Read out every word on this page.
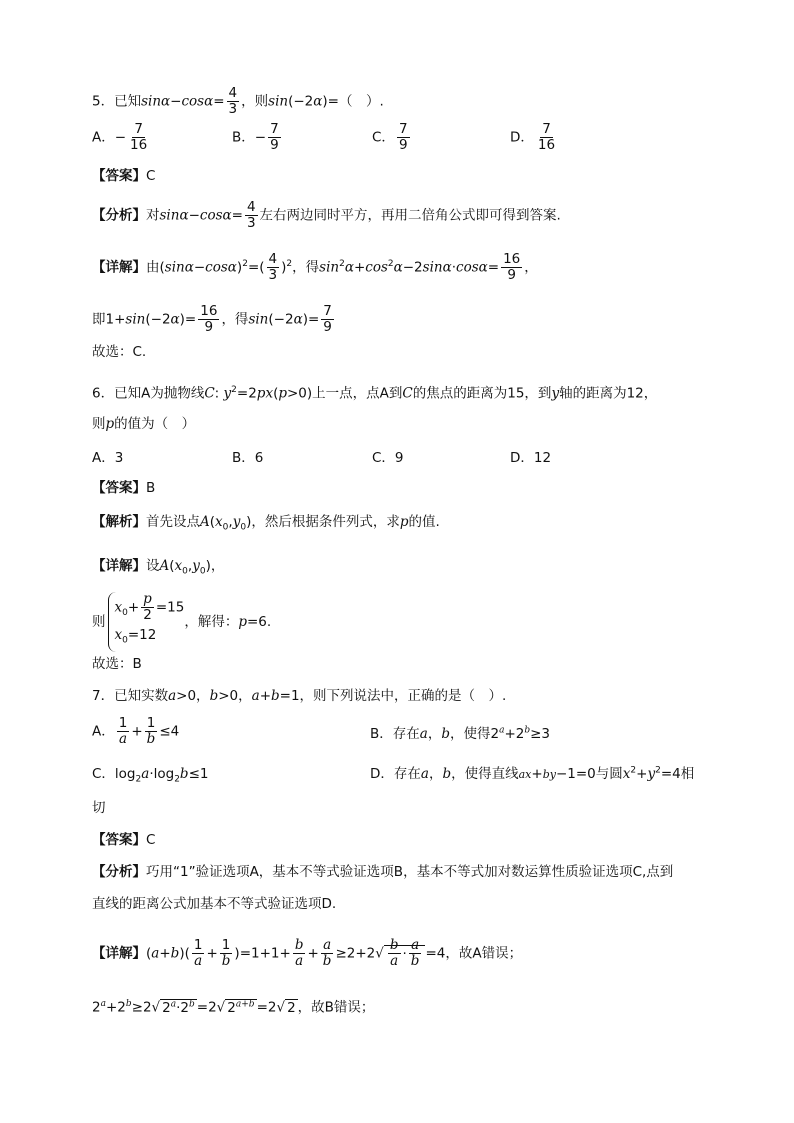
5．已知$\sin\alpha-\cos\alpha= \frac{4}{3}$ ，则sin(−2α)=（　）.
A．− $\frac{7}{16}$	B．− $\frac{7}{9}$	C． $\frac{7}{9}$	D． $\frac{7}{16}$
【答案】C
【分析】对$\sin\alpha-\cos\alpha= \frac{4}{3}$ 左右两边同时平方，再用二倍角公式即可得到答案.
【详解】由$(\sin\alpha-\cos\alpha)^2=( \frac{4}{3} )^2$，得$\sin^2\alpha+\cos^2\alpha-2\sin\alpha\cdot\cos\alpha= \frac{16}{9}$ ，
即$1+\sin(-2\alpha)= \frac{16}{9}$ ，得$\sin(-2\alpha)= \frac{7}{9}$
故选：C.
6．已知A为抛物线C: $y^2=2px(p>0)$上一点，点A到C的焦点的距离为15，到y轴的距离为12，
则p的值为（　）
A．3	B．6	C．9	D．12
【答案】B
【解析】首先设点$A(x_0,y_0)$，然后根据条件列式，求p的值.
【详解】设$A(x_0,y_0)$，
则
$x_0+ \frac{p}{2} =15$
$x_0=12$
，解得：p=6.
故选：B
7．已知实数a>0，b>0，a+b=1，则下列说法中，正确的是（　）.
A． $\frac{1}{a} + \frac{1}{b} \le 4$	B．存在a，b，使得$2^a+2^b\ge 3$
C．$\log_2a\cdot\log_2b\le 1$	D．存在a，b，使得直线ax+by−1=0与圆$x^2+y^2=4$相
切
【答案】C
【分析】巧用“1”验证选项A，基本不等式验证选项B，基本不等式加对数运算性质验证选项C,点到
直线的距离公式加基本不等式验证选项D.
【详解】$(a+b)( \frac{1}{a} + \frac{1}{b} )=1+1+ \frac{b}{a} + \frac{a}{b} \ge 2+2√ \frac{b}{a} \cdot \frac{a}{b} =4$，故A错误；
$2^a+2^b\ge 2√$ $2^a\cdot 2^b =2√$ $2^{a+b} =2√$ 2 ，故B错误；
